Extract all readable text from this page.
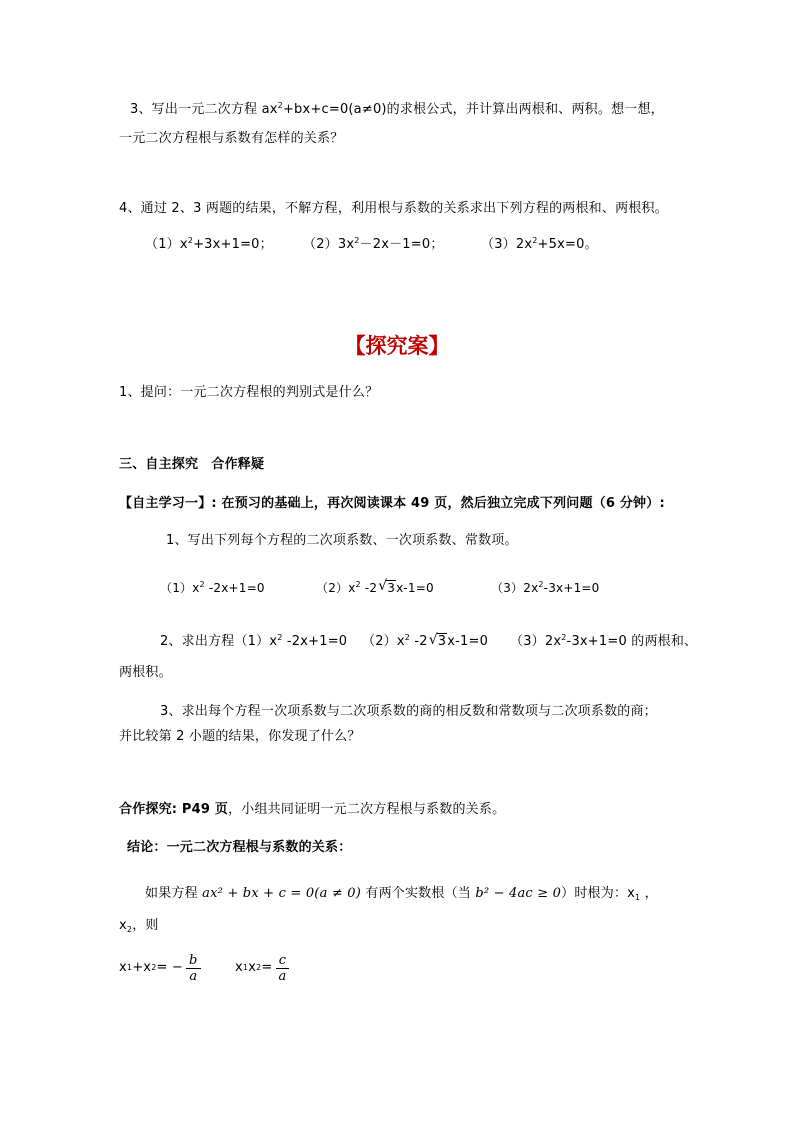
3、写出一元二次方程 $ax^2+bx+c=0(a\ne 0)$的求根公式，并计算出两根和、两积。想一想，
一元二次方程根与系数有怎样的关系？
4、通过 2、3 两题的结果，不解方程，利用根与系数的关系求出下列方程的两根和、两根积。
$(1)x^2+3x+1=0$； $(2)3x^2-2x-1=0$；	$(3)2x^2+5x=0$。
【探究案】
1、提问：一元二次方程根的判别式是什么？
三、自主探究　合作释疑
【自主学习一】: 在预习的基础上，再次阅读课本 49 页，然后独立完成下列问题（6 分钟）:
1、写出下列每个方程的二次项系数、一次项系数、常数项。
$(1)x^2$ -2x+1=0	$(2)x^2$ -2 √ 3x-1=0	$(3)2x^2-3x+1=0$
2、求出方程$(1)x^2$ -2x+1=0 $(2)x^2$ -2 √ 3x-1=0 $(3)2x^2-3x+1=0$ 的两根和、
两根积。
3、求出每个方程一次项系数与二次项系数的商的相反数和常数项与二次项系数的商；
并比较第 2 小题的结果，你发现了什么？
合作探究: P49 页，小组共同证明一元二次方程根与系数的关系。
结论：一元二次方程根与系数的关系：
如果方程 ax² + bx + c = 0(a ≠ 0) 有两个实数根（当 b² − 4ac ≥ 0）时根为：$x_1$ ，
$x_2$，则
x 1 +x 2 = − $\frac{b}{a}$	x 1 x $2 = \frac{c}{a}$
